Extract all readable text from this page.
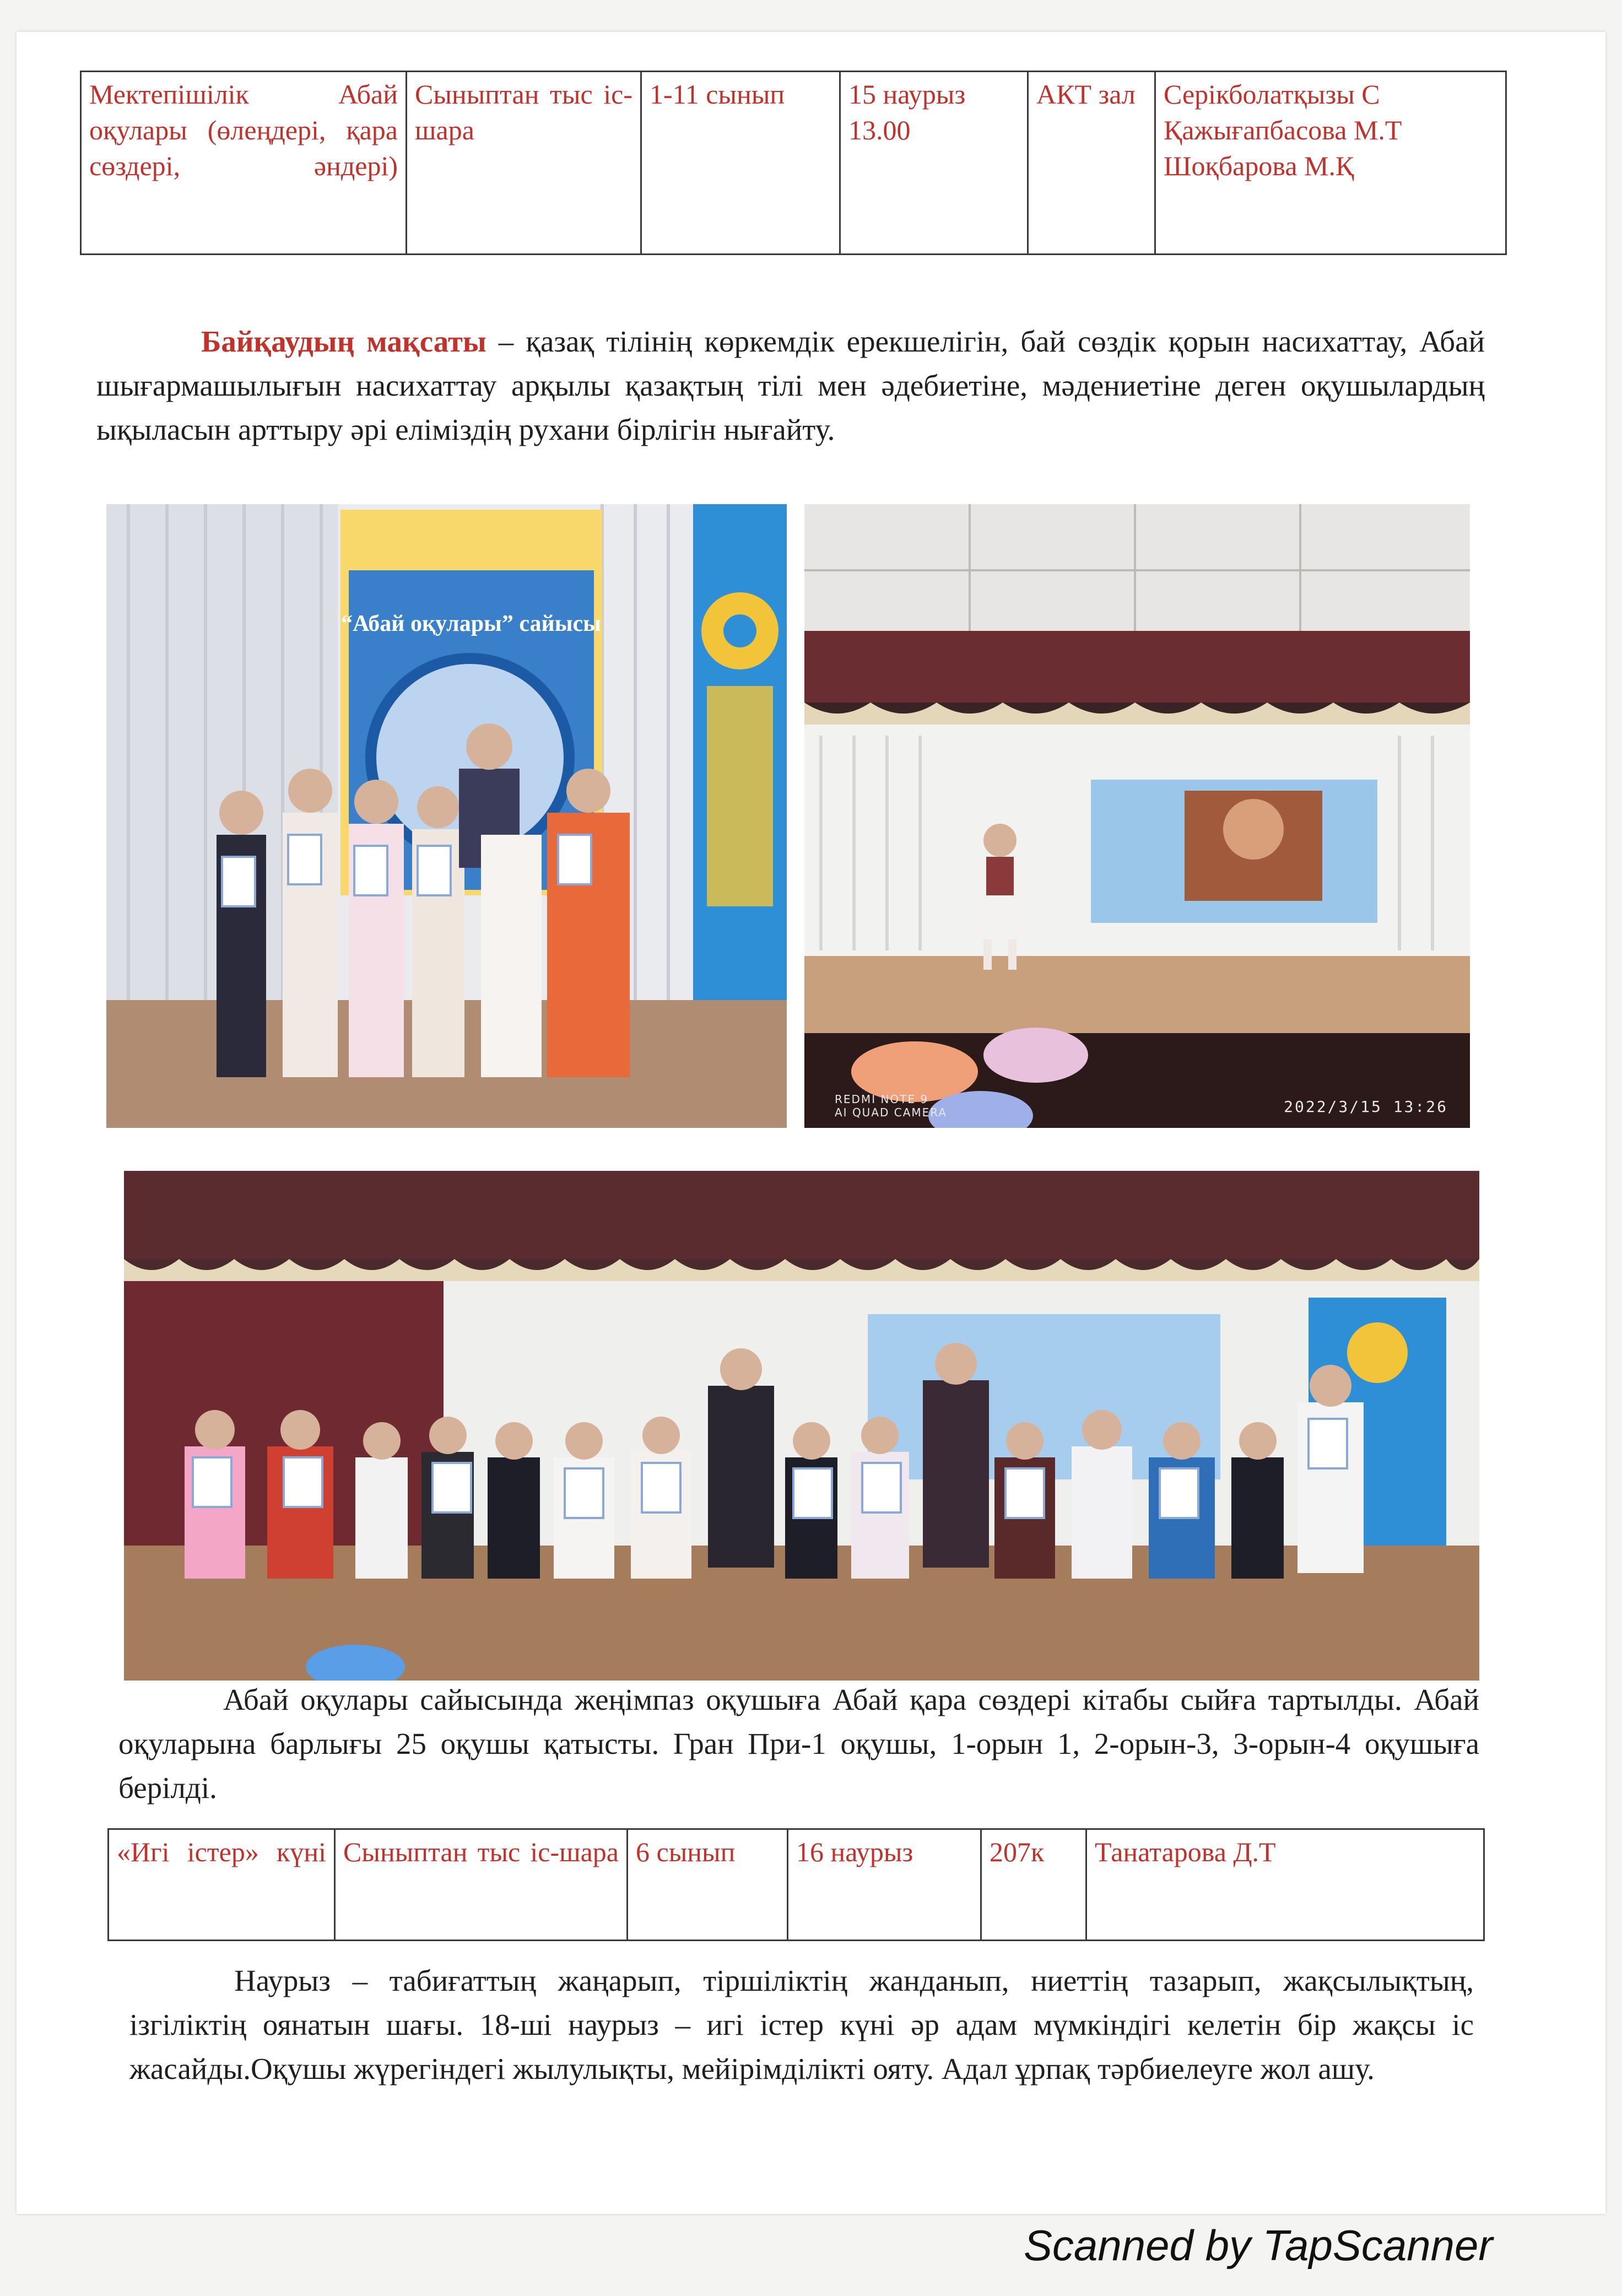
Мектепішілік Абай оқулары (өлеңдері, қара сөздері, әндері)	Сыныптан тыс іс-шара	1-11 сынып	15 наурыз 13.00	АКТ зал	Серікболатқызы С Қажығапбасова М.Т Шоқбарова М.Қ

Байқаудың мақсаты – қазақ тілінің көркемдік ерекшелігін, бай сөздік қорын насихаттау, Абай шығармашылығын насихаттау арқылы қазақтың тілі мен әдебиетіне, мәдениетіне деген оқушылардың ықыласын арттыру әрі еліміздің рухани бірлігін нығайту.

“Абай оқулары” сайысы
REDMI NOTE 9
AI QUAD CAMERA	2022/3/15 13:26

Абай оқулары сайысында жеңімпаз оқушыға Абай қара сөздері кітабы сыйға тартылды. Абай оқуларына барлығы 25 оқушы қатысты. Гран При-1 оқушы, 1-орын 1, 2-орын-3, 3-орын-4 оқушыға берілді.

«Игі істер» күні	Сыныптан тыс іс-шара	6 сынып	16 наурыз	207к	Танатарова Д.Т

Наурыз – табиғаттың жаңарып, тіршіліктің жанданып, ниеттің тазарып, жақсылықтың, ізгіліктің оянатын шағы. 18-ші наурыз – игі істер күні әр адам мүмкіндігі келетін бір жақсы іс жасайды.Оқушы жүрегіндегі жылулықты, мейірімділікті ояту. Адал ұрпақ тәрбиелеуге жол ашу.

Scanned by TapScanner
